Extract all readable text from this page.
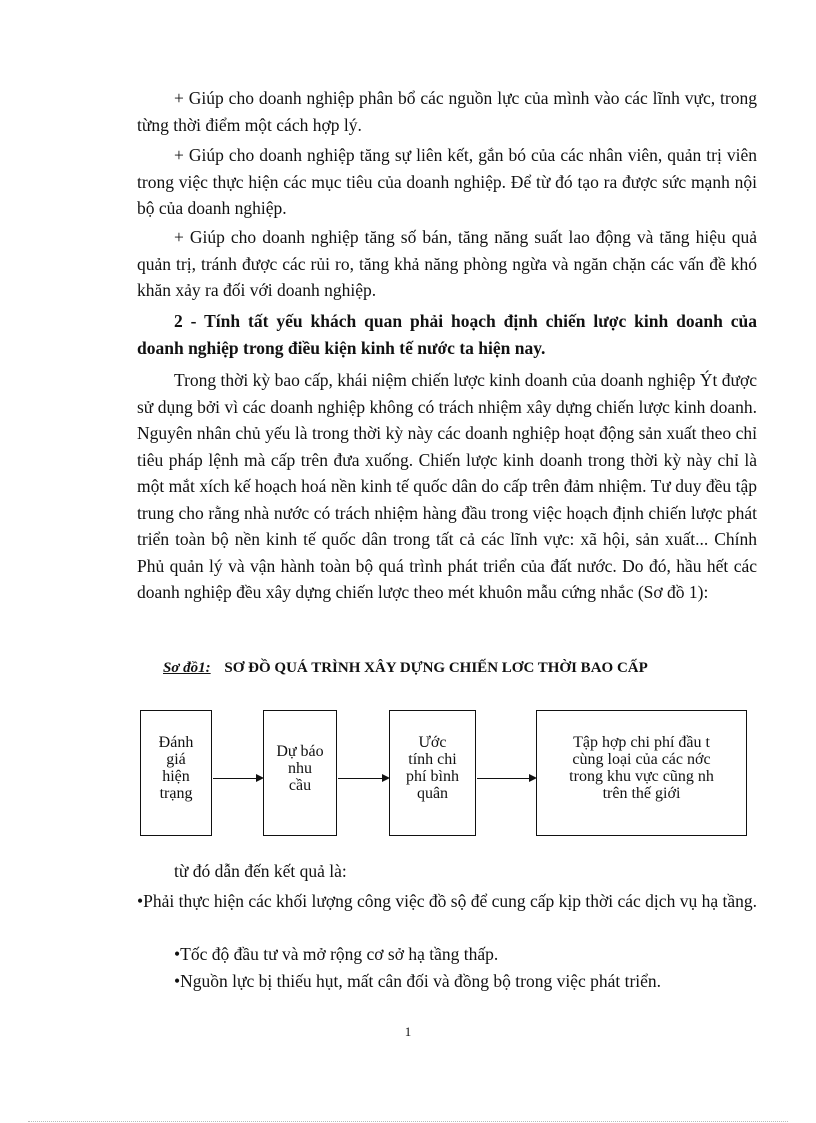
+ Giúp cho doanh nghiệp phân bổ các nguồn lực của mình vào các lĩnh vực, trong từng thời điểm một cách hợp lý.

+ Giúp cho doanh nghiệp tăng sự liên kết, gắn bó của các nhân viên, quản trị viên trong việc thực hiện các mục tiêu của doanh nghiệp. Để từ đó tạo ra được sức mạnh nội bộ của doanh nghiệp.

+ Giúp cho doanh nghiệp tăng số bán, tăng năng suất lao động và tăng hiệu quả quản trị, tránh được các rủi ro, tăng khả năng phòng ngừa và ngăn chặn các vấn đề khó khăn xảy ra đối với doanh nghiệp.

2 - Tính tất yếu khách quan phải hoạch định chiến lược kinh doanh của doanh nghiệp trong điều kiện kinh tế nước ta hiện nay.

Trong thời kỳ bao cấp, khái niệm chiến lược kinh doanh của doanh nghiệp Ýt được sử dụng bởi vì các doanh nghiệp không có trách nhiệm xây dựng chiến lược kinh doanh. Nguyên nhân chủ yếu là trong thời kỳ này các doanh nghiệp hoạt động sản xuất theo chỉ tiêu pháp lệnh mà cấp trên đưa xuống. Chiến lược kinh doanh trong thời kỳ này chỉ là một mắt xích kế hoạch hoá nền kinh tế quốc dân do cấp trên đảm nhiệm. Tư duy đều tập trung cho rằng nhà nước có trách nhiệm hàng đầu trong việc hoạch định chiến lược phát triển toàn bộ nền kinh tế quốc dân trong tất cả các lĩnh vực: xã hội, sản xuất... Chính Phủ quản lý và vận hành toàn bộ quá trình phát triển của đất nước. Do đó, hầu hết các doanh nghiệp đều xây dựng chiến lược theo mét khuôn mẫu cứng nhắc (Sơ đồ 1):

Sơ đồ1: SƠ ĐỒ QUÁ TRÌNH XÂY DỰNG CHIẾN LƠC THỜI BAO CẤP
Đánh
giá
hiện
trạng
Dự báo
nhu
cầu
Ước
tính chi
phí bình
quân
Tập hợp chi phí đầu t
cùng loại của các nớc
trong khu vực cũng nh
trên thế giới

từ đó dẫn đến kết quả là:

•Phải thực hiện các khối lượng công việc đồ sộ để cung cấp kịp thời các dịch vụ hạ tầng.

•Tốc độ đầu tư và mở rộng cơ sở hạ tầng thấp.

•Nguồn lực bị thiếu hụt, mất cân đối và đồng bộ trong việc phát triển.

1
